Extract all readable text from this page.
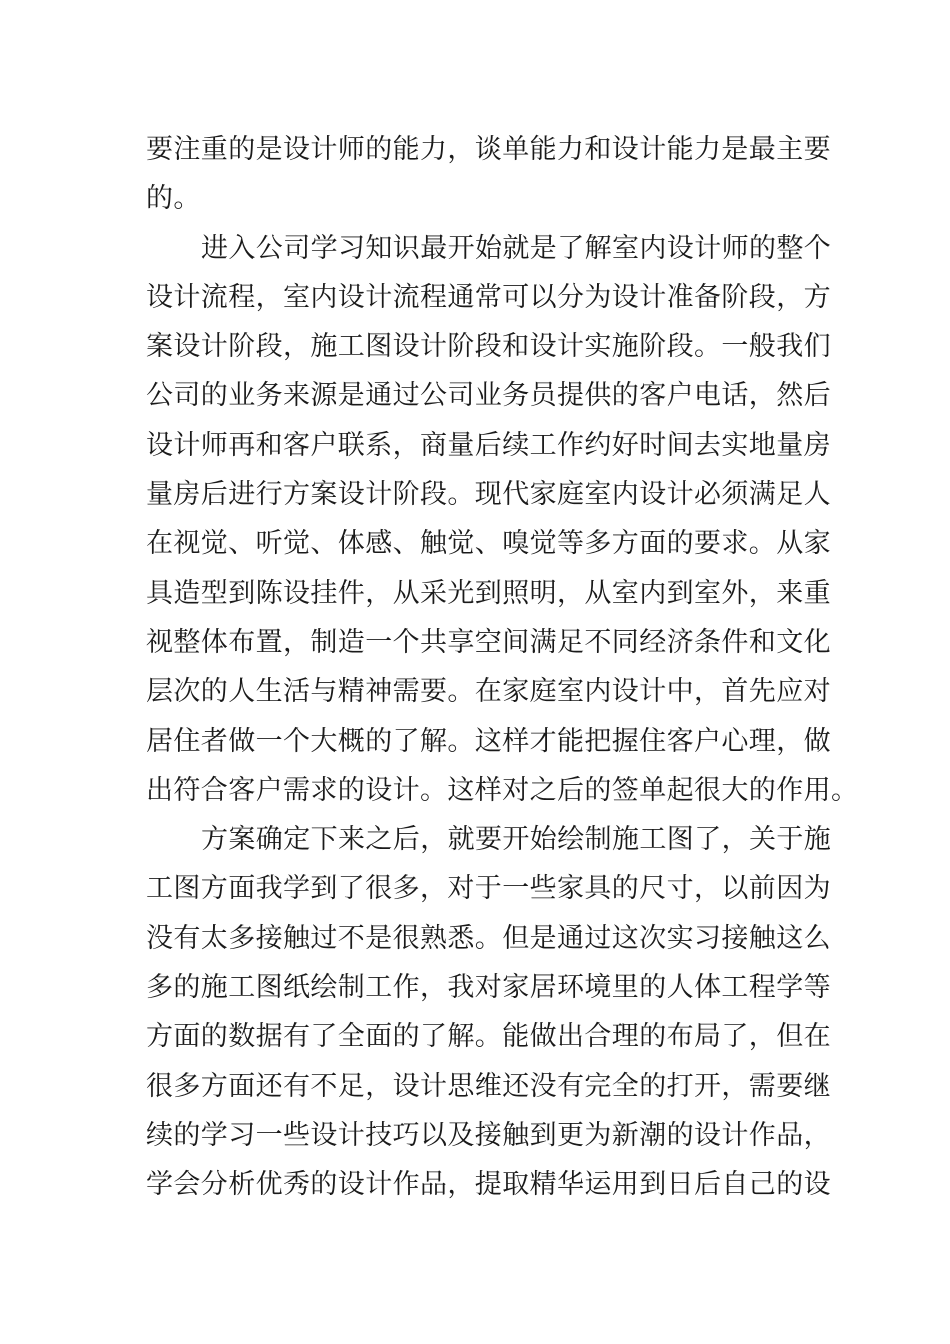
要注重的是设计师的能力，谈单能力和设计能力是最主要
的。
进入公司学习知识最开始就是了解室内设计师的整个
设计流程，室内设计流程通常可以分为设计准备阶段，方
案设计阶段，施工图设计阶段和设计实施阶段。一般我们
公司的业务来源是通过公司业务员提供的客户电话，然后
设计师再和客户联系，商量后续工作约好时间去实地量房
量房后进行方案设计阶段。现代家庭室内设计必须满足人
在视觉、听觉、体感、触觉、嗅觉等多方面的要求。从家
具造型到陈设挂件，从采光到照明，从室内到室外，来重
视整体布置，制造一个共享空间满足不同经济条件和文化
层次的人生活与精神需要。在家庭室内设计中，首先应对
居住者做一个大概的了解。这样才能把握住客户心理，做
出符合客户需求的设计。这样对之后的签单起很大的作用。
方案确定下来之后，就要开始绘制施工图了，关于施
工图方面我学到了很多，对于一些家具的尺寸，以前因为
没有太多接触过不是很熟悉。但是通过这次实习接触这么
多的施工图纸绘制工作，我对家居环境里的人体工程学等
方面的数据有了全面的了解。能做出合理的布局了，但在
很多方面还有不足，设计思维还没有完全的打开，需要继
续的学习一些设计技巧以及接触到更为新潮的设计作品，
学会分析优秀的设计作品，提取精华运用到日后自己的设
